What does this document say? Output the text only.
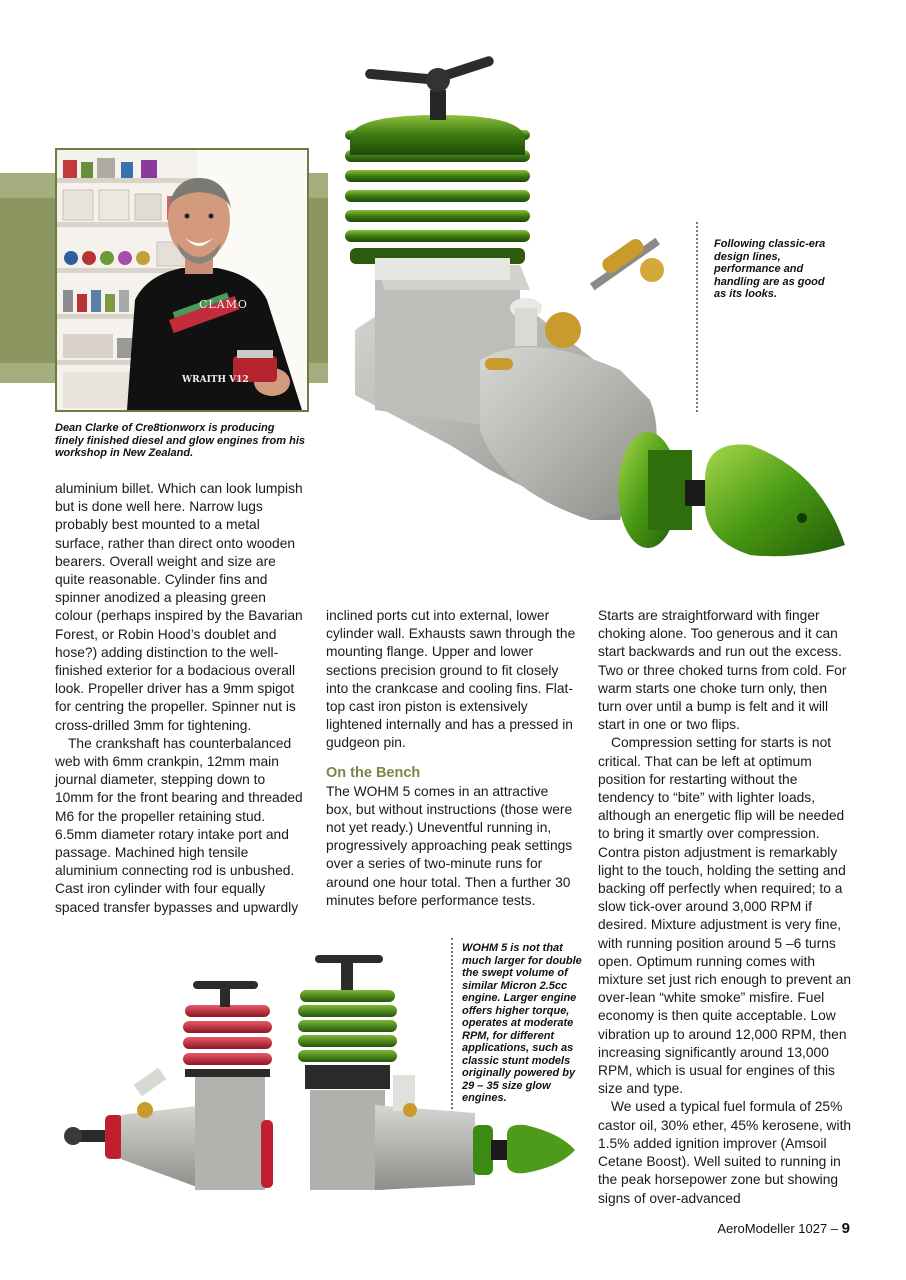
CLAMO
WRAITH V12
Dean Clarke of Cre8tionworx is producing finely finished diesel and glow engines from his workshop in New Zealand.
Following classic-era design lines, performance and handling are as good as its looks.

aluminium billet. Which can look lumpish but is done well here. Narrow lugs probably best mounted to a metal surface, rather than direct onto wooden bearers. Overall weight and size are quite reasonable. Cylinder fins and spinner anodized a pleasing green colour (perhaps inspired by the Bavarian Forest, or Robin Hood’s doublet and hose?) adding distinction to the well-finished exterior for a bodacious overall look. Propeller driver has a 9mm spigot for centring the propeller. Spinner nut is cross-drilled 3mm for tightening.

The crankshaft has counterbalanced web with 6mm crankpin, 12mm main journal diameter, stepping down to 10mm for the front bearing and threaded M6 for the propeller retaining stud. 6.5mm diameter rotary intake port and passage. Machined high tensile aluminium connecting rod is unbushed. Cast iron cylinder with four equally spaced transfer bypasses and upwardly

inclined ports cut into external, lower cylinder wall. Exhausts sawn through the mounting flange. Upper and lower sections precision ground to fit closely into the crankcase and cooling fins. Flat-top cast iron piston is extensively lightened internally and has a pressed in gudgeon pin.

On the Bench

The WOHM 5 comes in an attractive box, but without instructions (those were not yet ready.) Uneventful running in, progressively approaching peak settings over a series of two-minute runs for around one hour total. Then a further 30 minutes before performance tests.

Starts are straightforward with finger choking alone. Too generous and it can start backwards and run out the excess. Two or three choked turns from cold. For warm starts one choke turn only, then turn over until a bump is felt and it will start in one or two flips.

Compression setting for starts is not critical. That can be left at optimum position for restarting without the tendency to “bite” with lighter loads, although an energetic flip will be needed to bring it smartly over compression. Contra piston adjustment is remarkably light to the touch, holding the setting and backing off perfectly when required; to a slow tick-over around 3,000 RPM if desired. Mixture adjustment is very fine, with running position around 5 –6 turns open. Optimum running comes with mixture set just rich enough to prevent an over-lean “white smoke” misfire. Fuel economy is then quite acceptable. Low vibration up to around 12,000 RPM, then increasing significantly around 13,000 RPM, which is usual for engines of this size and type.

We used a typical fuel formula of 25% castor oil, 30% ether, 45% kerosene, with 1.5% added ignition improver (Amsoil Cetane Boost). Well suited to running in the peak horsepower zone but showing signs of over-advanced

WOHM 5 is not that much larger for double the swept volume of similar Micron 2.5cc engine. Larger engine offers higher torque, operates at moderate RPM, for different applications, such as classic stunt models originally powered by 29 – 35 size glow engines.
AeroModeller 1027 – 9
